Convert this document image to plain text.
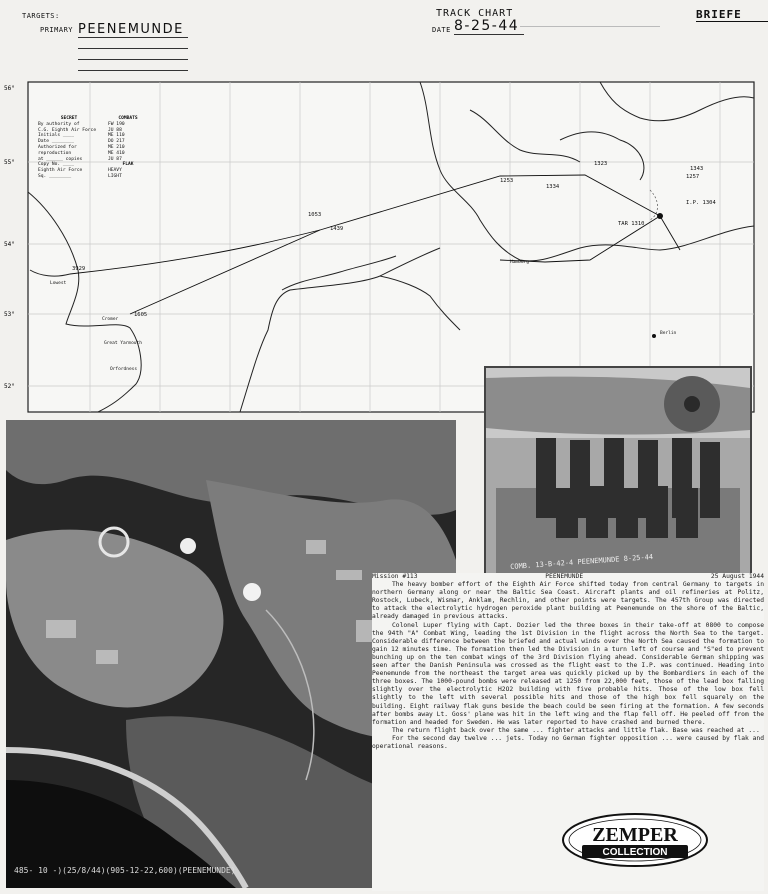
TARGETS:
PRIMARY PEENEMUNDE
TRACK CHART
DATE 8-25-44
BRIEFE
56°
55°
54°
53°
52°
1605
1439
1053
1253
1323
1334
1257
I.P. 1304
TAR 1310
1343
3929
Hamburg
Berlin
Cromer
Great Yarmouth
Lowest
Orfordness
SECRET
By authority of
C.G. Eighth Air Force
Initials ____
Date ________
Authorized for
reproduction
at ______ copies
Copy No. ____
Eighth Air Force
Sq. ________
COMBATS
FW 190
JU 88
ME 110
DO 217
ME 210
ME 410
JU 87
FLAK
HEAVY
LIGHT
485- 10 -)(25/8/44)(905-12-22,600)(PEENEMUNDE)
COMB. 13-B-42-4 PEENEMUNDE 8-25-44
Mission #113	PEENEMUNDE	25 August 1944

The heavy bomber effort of the Eighth Air Force shifted today from central Germany to targets in northern Germany along or near the Baltic Sea Coast. Aircraft plants and oil refineries at Politz, Rostock, Lubeck, Wismar, Anklam, Rechlin, and other points were targets. The 457th Group was directed to attack the electrolytic hydrogen peroxide plant building at Peenemunde on the shore of the Baltic, already damaged in previous attacks.

Colonel Luper flying with Capt. Dozier led the three boxes in their take-off at 0800 to compose the 94th "A" Combat Wing, leading the 1st Division in the flight across the North Sea to the target. Considerable difference between the briefed and actual winds over the North Sea caused the formation to gain 12 minutes time. The formation then led the Division in a turn left of course and "S"ed to prevent bunching up on the ten combat wings of the 3rd Division flying ahead. Considerable German shipping was seen after the Danish Peninsula was crossed as the flight east to the I.P. was continued. Heading into Peenemunde from the northeast the target area was quickly picked up by the Bombardiers in each of the three boxes. The 1000-pound bombs were released at 1250 from 22,000 feet, those of the lead box falling slightly over the electrolytic H2O2 building with five probable hits. Those of the low box fell slightly to the left with several possible hits and those of the high box fell squarely on the building. Eight railway flak guns beside the beach could be seen firing at the formation. A few seconds after bombs away Lt. Goss' plane was hit in the left wing and the flap fell off. He peeled off from the formation and headed for Sweden. He was later reported to have crashed and burned there.

The return flight back over the same ... fighter attacks and little flak. Base was reached at ...

For the second day twelve ... jets. Today no German fighter opposition ... were caused by flak and operational reasons.

ZEMPER
COLLECTION
